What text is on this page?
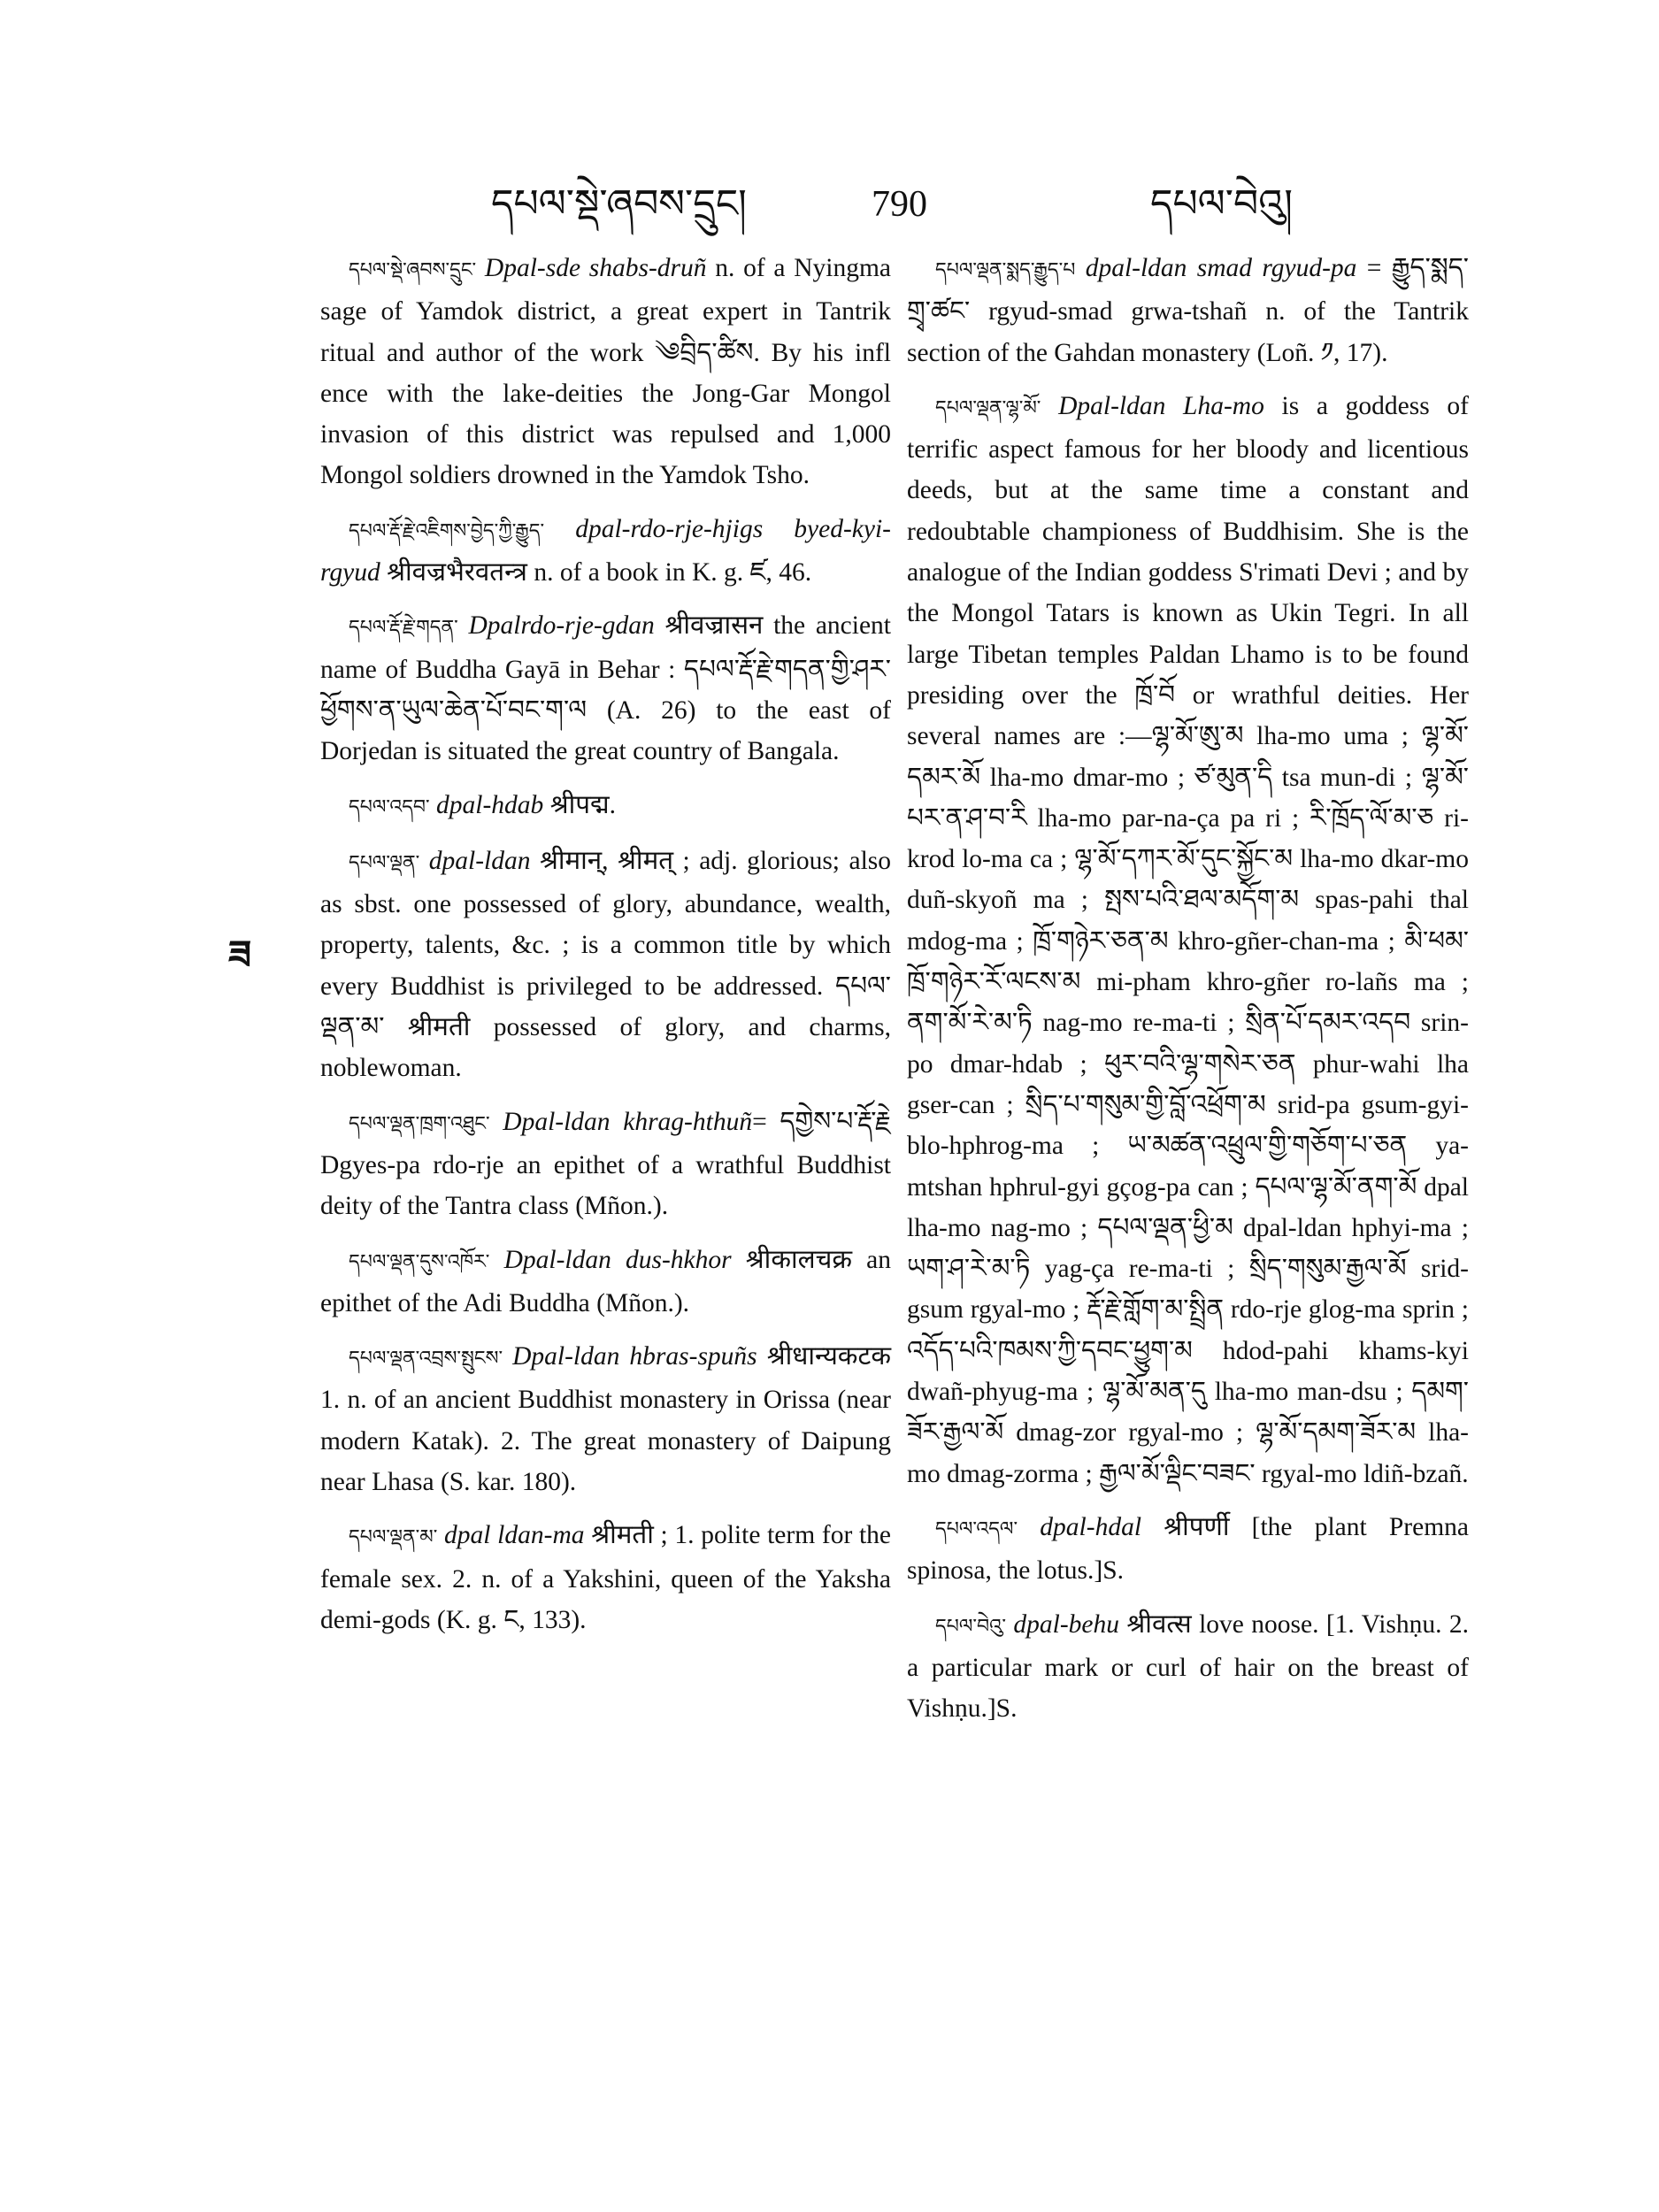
དཔལ་སྡེ་ཞབས་དྲུང།	790	དཔལ་བེའུ།
ཟ

དཔལ་སྡེ་ཞབས་དྲུང་ Dpal-sde shabs-druñ n. of a Nyingma sage of Yamdok district, a great expert in Tantrik ritual and author of the work ༄བྲིད་ཚིས. By his infl ence with the lake-deities the Jong-Gar Mongol invasion of this district was repulsed and 1,000 Mongol soldiers drowned in the Yamdok Tsho.

དཔལ་རྡོ་རྗེ་འཇིགས་བྱེད་ཀྱི་རྒྱུད་ dpal-rdo-rje-hjigs byed-kyi-rgyud श्रीवज्रभैरवतन्त्र n. of a book in K. g. ཛ, 46.

དཔལ་རྡོ་རྗེ་གདན་ Dpalrdo-rje-gdan श्रीवज्रासन the ancient name of Buddha Gayā in Behar : དཔལ་རྡོ་རྗེ་གདན་གྱི་ཤར་ཕྱོགས་ན་ཡུལ་ཆེན་པོ་བང་ག་ལ (A. 26) to the east of Dorjedan is situated the great country of Bangala.

དཔལ་འདབ་ dpal-hdab श्रीपद्म.

དཔལ་ལྡན་ dpal-ldan श्रीमान्, श्रीमत् ; adj. glorious; also as sbst. one possessed of glory, abundance, wealth, property, talents, &c. ; is a common title by which every Buddhist is privileged to be addressed. དཔལ་ལྡན་མ་ श्रीमती possessed of glory, and charms, noblewoman.

དཔལ་ལྡན་ཁྲག་འཐུང་ Dpal-ldan khrag-hthuñ= དགྱེས་པ་རྡོ་རྗེ Dgyes-pa rdo-rje an epithet of a wrathful Buddhist deity of the Tantra class (Mñon.).

དཔལ་ལྡན་དུས་འཁོར་ Dpal-ldan dus-hkhor श्रीकालचक्र an epithet of the Adi Buddha (Mñon.).

དཔལ་ལྡན་འབྲས་སྤུངས་ Dpal-ldan hbras-spuñs श्रीधान्यकटक 1. n. of an ancient Buddhist monastery in Orissa (near modern Katak). 2. The great monastery of Daipung near Lhasa (S. kar. 180).

དཔལ་ལྡན་མ་ dpal ldan-ma श्रीमती ; 1. polite term for the female sex. 2. n. of a Yakshini, queen of the Yaksha demi-gods (K. g. ང, 133).

དཔལ་ལྡན་སྨད་རྒྱུད་པ dpal-ldan smad rgyud-pa = རྒྱུད་སྨད་གྲྭ་ཚང་ rgyud-smad grwa-tshañ n. of the Tantrik section of the Gahdan monastery (Loñ. ༡, 17).

དཔལ་ལྡན་ལྷ་མོ་ Dpal-ldan Lha-mo is a goddess of terrific aspect famous for her bloody and licentious deeds, but at the same time a constant and redoubtable championess of Buddhisim. She is the analogue of the Indian goddess S'rimati Devi ; and by the Mongol Tatars is known as Ukin Tegri. In all large Tibetan temples Paldan Lhamo is to be found presiding over the ཁྲོ་བོ or wrathful deities. Her several names are :—ལྷ་མོ་ཨུ་མ lha-mo uma ; ལྷ་མོ་དམར་མོ lha-mo dmar-mo ; ཙ་མུན་དི tsa mun-di ; ལྷ་མོ་པར་ན་ཤ་བ་རི lha-mo par-na-ça pa ri ; རི་ཁྲོད་ལོ་མ་ཅ ri-krod lo-ma ca ; ལྷ་མོ་དཀར་མོ་དུང་སྐྱོང་མ lha-mo dkar-mo duñ-skyoñ ma ; སྤས་པའི་ཐལ་མདོག་མ spas-pahi thal mdog-ma ; ཁྲོ་གཉེར་ཅན་མ khro-gñer-chan-ma ; མི་ཕམ་ཁྲོ་གཉེར་རོ་ལངས་མ mi-pham khro-gñer ro-lañs ma ; ནག་མོ་རེ་མ་ཏི nag-mo re-ma-ti ; སྲིན་པོ་དམར་འདབ srin-po dmar-hdab ; ཕུར་བའི་ལྷ་གསེར་ཅན phur-wahi lha gser-can ; སྲིད་པ་གསུམ་གྱི་བློ་འཕྲོག་མ srid-pa gsum-gyi-blo-hphrog-ma ; ཡ་མཚན་འཕྲུལ་གྱི་གཅོག་པ་ཅན ya-mtshan hphrul-gyi gçog-pa can ; དཔལ་ལྷ་མོ་ནག་མོ dpal lha-mo nag-mo ; དཔལ་ལྡན་ཕྱི་མ dpal-ldan hphyi-ma ; ཡག་ཤ་རེ་མ་ཏི yag-ça re-ma-ti ; སྲིད་གསུམ་རྒྱལ་མོ srid-gsum rgyal-mo ; རྡོ་རྗེ་གློག་མ་སྤྲིན rdo-rje glog-ma sprin ; འདོད་པའི་ཁམས་ཀྱི་དབང་ཕྱུག་མ hdod-pahi khams-kyi dwañ-phyug-ma ; ལྷ་མོ་མན་དུ lha-mo man-dsu ; དམག་ཟོར་རྒྱལ་མོ dmag-zor rgyal-mo ; ལྷ་མོ་དམག་ཟོར་མ lha-mo dmag-zorma ; རྒྱལ་མོ་ལྡིང་བཟང་ rgyal-mo ldiñ-bzañ.

དཔལ་འདལ་ dpal-hdal श्रीपर्णी [the plant Premna spinosa, the lotus.]S.

དཔལ་བེའུ་ dpal-behu श्रीवत्स love noose. [1. Vishṇu. 2. a particular mark or curl of hair on the breast of Vishṇu.]S.
